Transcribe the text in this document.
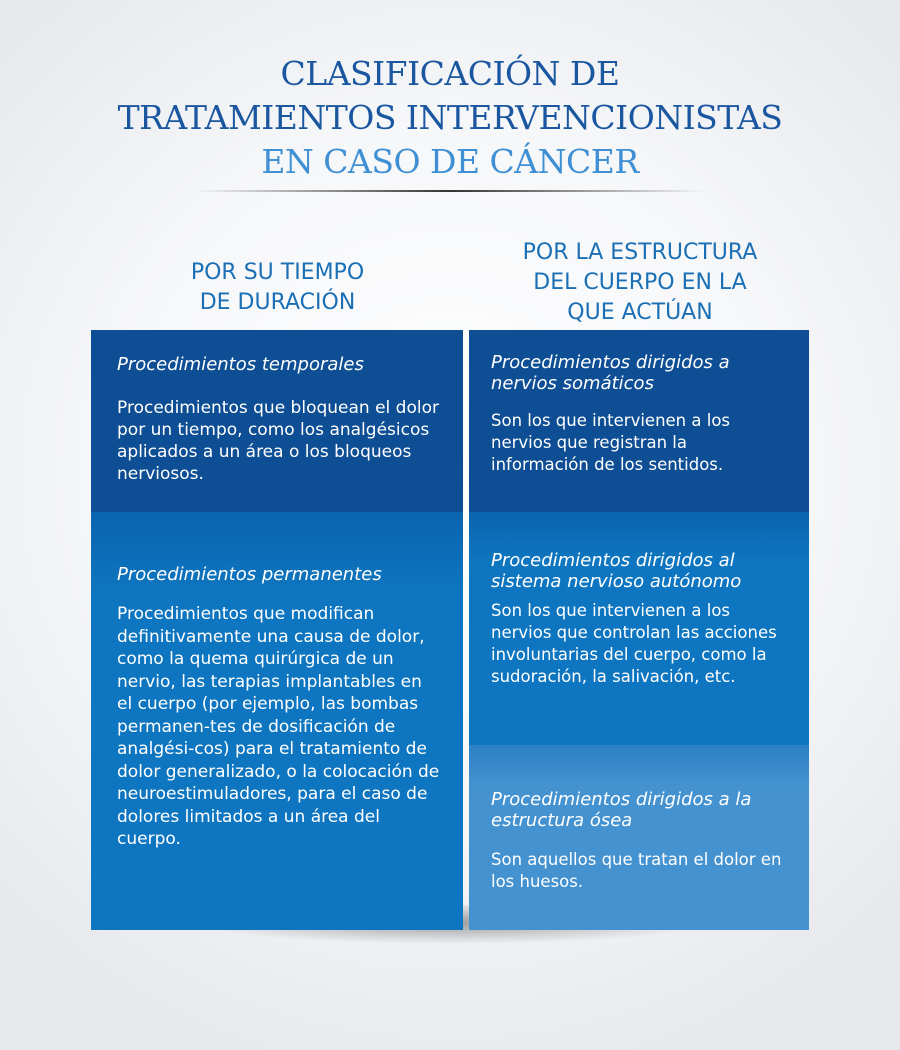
CLASIFICACIÓN DE
TRATAMIENTOS INTERVENCIONISTAS
EN CASO DE CÁNCER
POR SU TIEMPO
DE DURACIÓN
POR LA ESTRUCTURA
DEL CUERPO EN LA
QUE ACTÚAN
Procedimientos temporales

Procedimientos que bloquean el dolor por un tiempo, como los analgésicos aplicados a un área o los bloqueos nerviosos.

Procedimientos permanentes

Procedimientos que modifican definitivamente una causa de dolor, como la quema quirúrgica de un nervio, las terapias implantables en el cuerpo (por ejemplo, las bombas permanen-tes de dosificación de analgési-cos) para el tratamiento de dolor generalizado, o la colocación de neuroestimuladores, para el caso de dolores limitados a un área del cuerpo.

Procedimientos dirigidos a nervios somáticos

Son los que intervienen a los nervios que registran la información de los sentidos.

Procedimientos dirigidos al sistema nervioso autónomo

Son los que intervienen a los nervios que controlan las acciones involuntarias del cuerpo, como la sudoración, la salivación, etc.

Procedimientos dirigidos a la estructura ósea

Son aquellos que tratan el dolor en los huesos.
